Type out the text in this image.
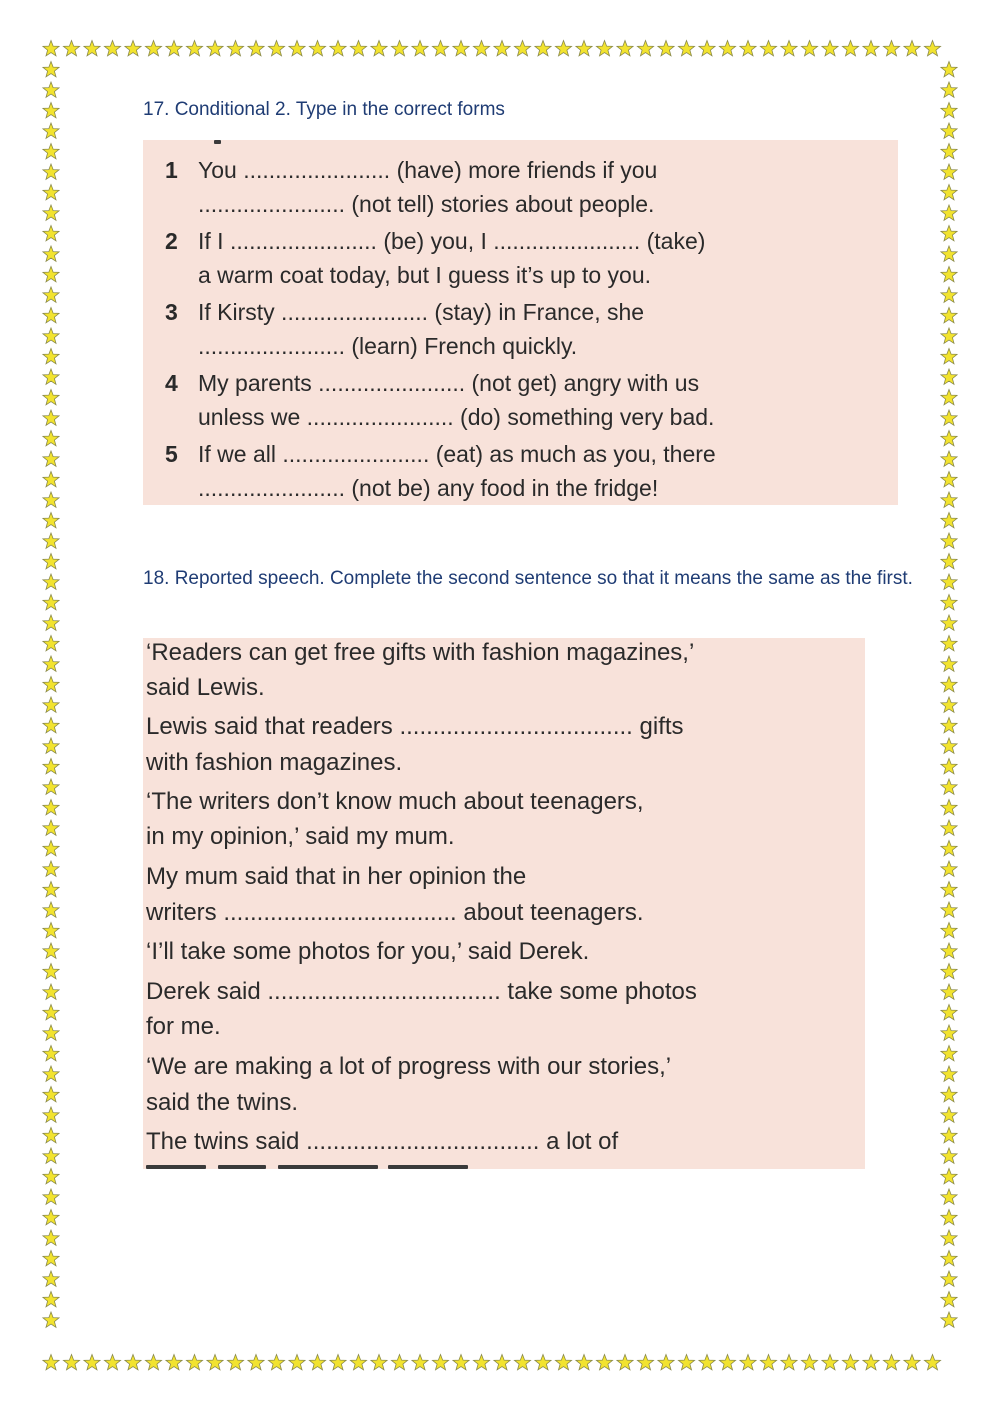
17. Conditional 2. Type in the correct forms
1 You ....................... (have) more friends if you
....................... (not tell) stories about people.
2 If I ....................... (be) you, I ....................... (take)
a warm coat today, but I guess it’s up to you.
3 If Kirsty ....................... (stay) in France, she
....................... (learn) French quickly.
4 My parents ....................... (not get) angry with us
unless we ....................... (do) something very bad.
5 If we all ....................... (eat) as much as you, there
....................... (not be) any food in the fridge!
18. Reported speech. Complete the second sentence so that it means the same as the first.
‘Readers can get free gifts with fashion magazines,’
said Lewis.
Lewis said that readers ................................... gifts
with fashion magazines.
‘The writers don’t know much about teenagers,
in my opinion,’ said my mum.
My mum said that in her opinion the
writers ................................... about teenagers.
‘I’ll take some photos for you,’ said Derek.
Derek said ................................... take some photos
for me.
‘We are making a lot of progress with our stories,’
said the twins.
The twins said ................................... a lot of
